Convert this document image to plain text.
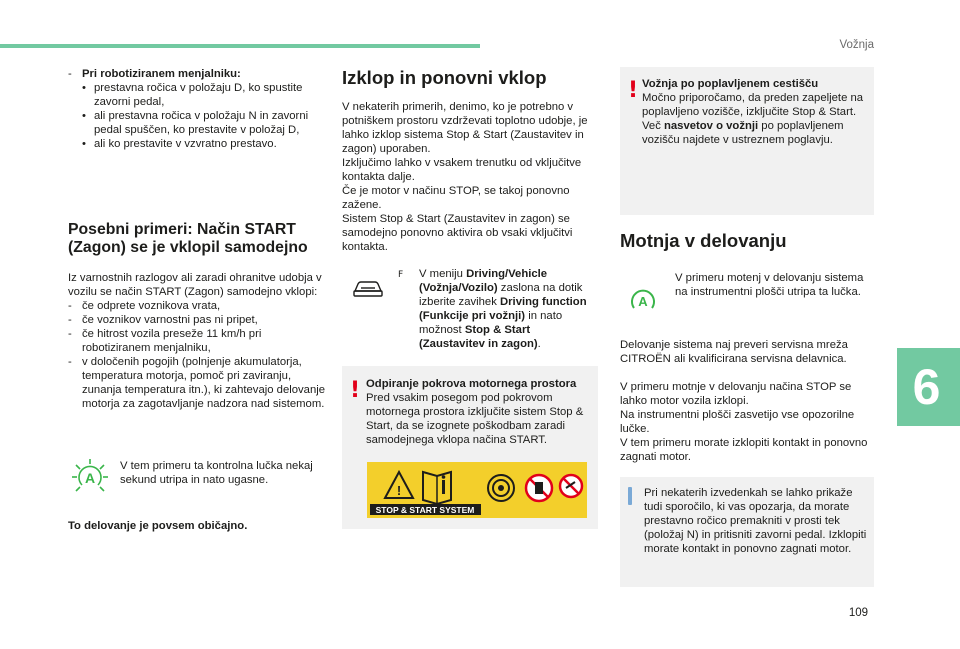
Vožnja
6
109
- Pri robotiziranem menjalniku:
• prestavna ročica v položaju D, ko spustite zavorni pedal,
• ali prestavna ročica v položaju N in zavorni pedal spuščen, ko prestavite v položaj D,
• ali ko prestavite v vzvratno prestavo.
Posebni primeri: Način START (Zagon) se je vklopil samodejno

Iz varnostnih razlogov ali zaradi ohranitve udobja v vozilu se način START (Zagon) samodejno vklopi:

- če odprete voznikova vrata,
- če voznikov varnostni pas ni pripet,
- če hitrost vozila preseže 11 km/h pri robotiziranem menjalniku,
- v določenih pogojih (polnjenje akumulatorja, temperatura motorja, pomoč pri zaviranju, zunanja temperatura itn.), ki zahtevajo delovanje motorja za zagotavljanje nadzora nad sistemom.
A

V tem primeru ta kontrolna lučka nekaj sekund utripa in nato ugasne.

To delovanje je povsem običajno.

Izklop in ponovni vklop

V nekaterih primerih, denimo, ko je potrebno v potniškem prostoru vzdrževati toplotno udobje, je lahko izklop sistema Stop & Start (Zaustavitev in zagon) uporaben.

Izključimo lahko v vsakem trenutku od vključitve kontakta dalje.

Če je motor v načinu STOP, se takoj ponovno zažene.

Sistem Stop & Start (Zaustavitev in zagon) se samodejno ponovno aktivira ob vsaki vključitvi kontakta.

F V meniju Driving/Vehicle (Vožnja/Vozilo) zaslona na dotik izberite zavihek Driving function (Funkcije pri vožnji) in nato možnost Stop & Start (Zaustavitev in zagon).

! Odpiranje pokrova motornega prostora
Pred vsakim posegom pod pokrovom motornega prostora izključite sistem Stop & Start, da se izognete poškodbam zaradi samodejnega vklopa načina START.

!
STOP & START SYSTEM
! Vožnja po poplavljenem cestišču
Močno priporočamo, da preden zapeljete na poplavljeno vozišče, izključite Stop & Start.
Več nasvetov o vožnji po poplavljenem vozišču najdete v ustreznem poglavju.

Motnja v delovanju
A

V primeru motenj v delovanju sistema na instrumentni plošči utripa ta lučka.

Delovanje sistema naj preveri servisna mreža CITROËN ali kvalificirana servisna delavnica.

V primeru motnje v delovanju načina STOP se lahko motor vozila izklopi.

Na instrumentni plošči zasvetijo vse opozorilne lučke.

V tem primeru morate izklopiti kontakt in ponovno zagnati motor.

Pri nekaterih izvedenkah se lahko prikaže tudi sporočilo, ki vas opozarja, da morate prestavno ročico premakniti v prosti tek (položaj N) in pritisniti zavorni pedal. Izklopiti morate kontakt in ponovno zagnati motor.
